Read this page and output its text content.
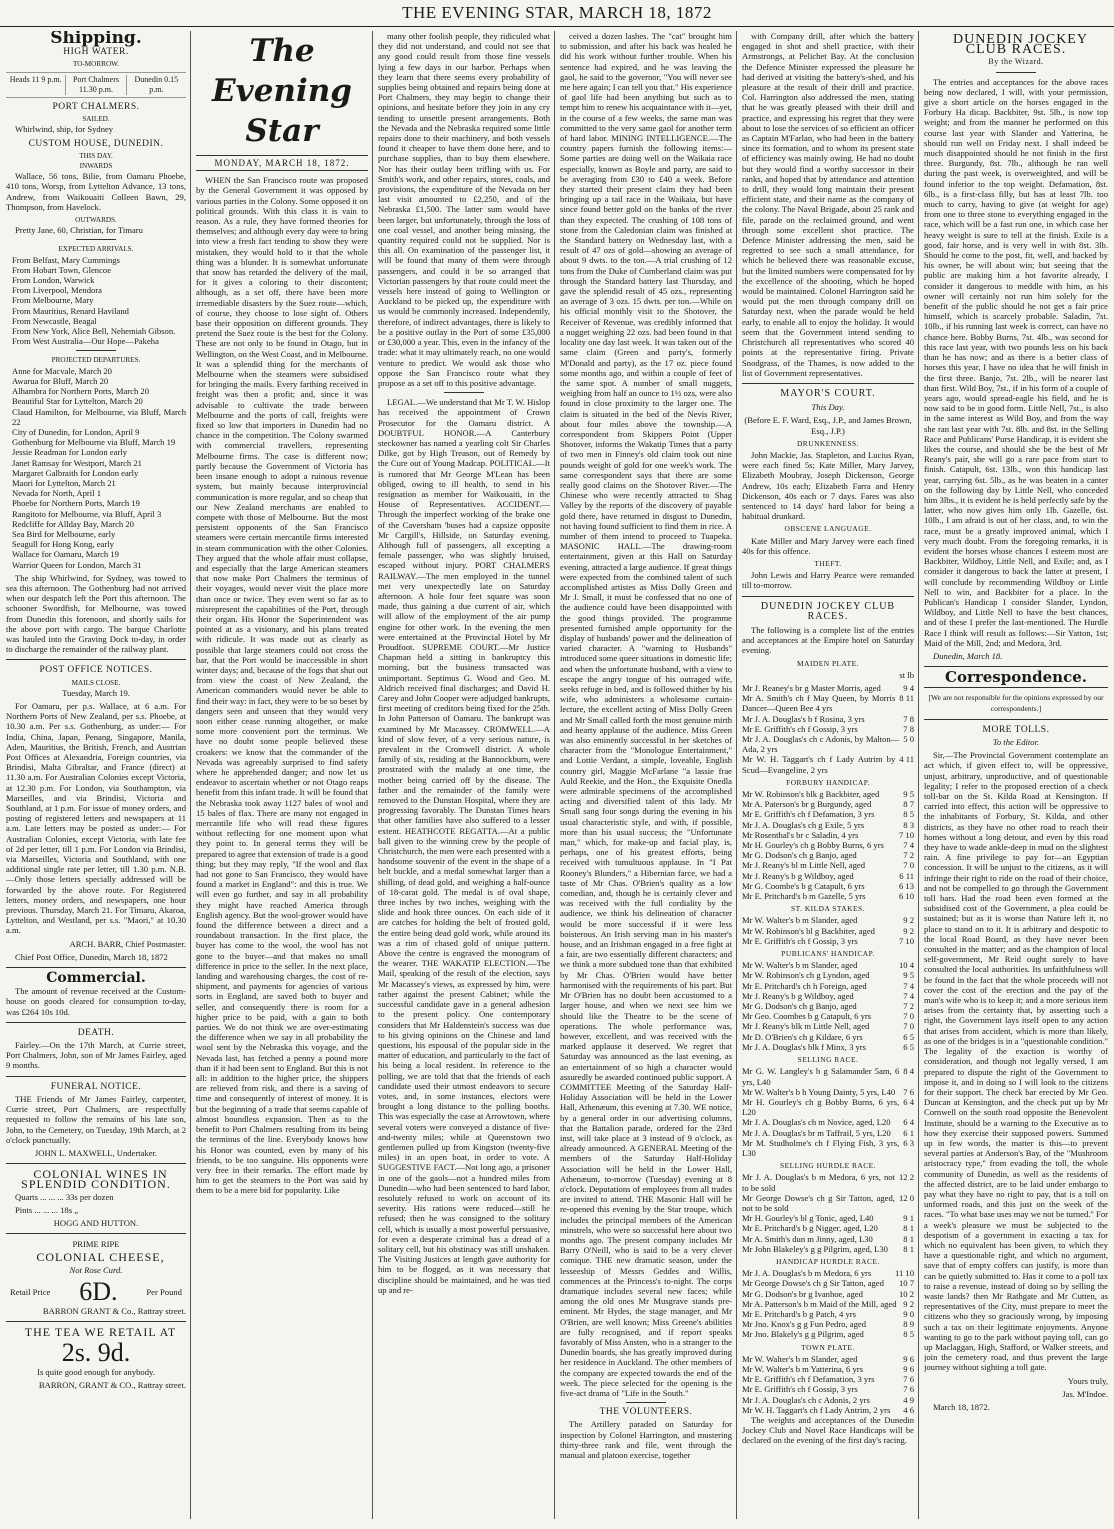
THE EVENING STAR, MARCH 18, 1872
Shipping.

HIGH WATER.

TO-MORROW.

Heads 11 9 p.m.	Port Chalmers 11.30 p.m.
Dunedin 0.15 p.m.

PORT CHALMERS.

SAILED.

Whirlwind, ship, for Sydney

CUSTOM HOUSE, DUNEDIN.

THIS DAY.

INWARDS

Wallace, 56 tons, Bilie, from Oamaru Phoebe, 410 tons, Worsp, from Lyttelton Advance, 13 tons, Andrew, from Waikouaiti Colleen Bawn, 29, Thompson, from Havelock.

OUTWARDS.

Pretty Jane, 60, Christian, for Timaru

EXPECTED ARRIVALS.

From Belfast, Mary Cummings

From Hobart Town, Glencoe

From London, Warwick

From Liverpool, Mendora

From Melbourne, Mary

From Mauritius, Renard Haviland

From Newcastle, Beagal

From New York, Alice Bell, Nehemiah Gibson.

From West Australia—Our Hope—Pakeha

PROJECTED DEPARTURES.

Anne for Macvale, March 20

Awarua for Bluff, March 20

Alhambra for Northern Ports, March 20

Beautiful Star for Lyttelton, March 20

Claud Hamilton, for Melbourne, via Bluff, March 22

City of Dunedin, for London, April 9

Gothenburg for Melbourne via Bluff, March 19

Jessie Readman for London early

Janet Ramsay for Westport, March 21

Margaret Galbraith for London early

Maori for Lyttelton, March 21

Nevada for North, April 1

Phoebe for Northern Ports, March 19

Rangitoto for Melbourne, via Bluff, April 3

Redcliffe for Allday Bay, March 20

Sea Bird for Melbourne, early

Seagull for Hong Kong, early

Wallace for Oamaru, March 19

Warrior Queen for London, March 31

The ship Whirlwind, for Sydney, was towed to sea this afternoon. The Gothenburg had not arrived when our despatch left the Port this afternoon. The schooner Swordfish, for Melbourne, was towed from Dunedin this forenoon, and shortly sails for the above port with cargo. The barque Charlotte was hauled into the Graving Dock to-day, in order to discharge the remainder of the railway plant.

POST OFFICE NOTICES.

MAILS CLOSE.

Tuesday, March 19.

For Oamaru, per p.s. Wallace, at 6 a.m. For Northern Ports of New Zealand, per s.s. Phoebe, at 10.30 a.m. Per s.s. Gothenburg, as under:— For India, China, Japan, Penang, Singapore, Manila, Aden, Mauritius, the British, French, and Austrian Post Offices at Alexandria, Foreign countries, via Brindisi, Malta Gibraltar, and France (direct) at 11.30 a.m. For Australian Colonies except Victoria, at 12.30 p.m. For London, via Southampton, via Marseilles, and via Brindisi, Victoria and Southland, at 1 p.m. For issue of money orders, and posting of registered letters and newspapers at 11 a.m. Late letters may be posted as under:— For Australian Colonies, except Victoria, with late fee of 2d per letter, till 1 p.m. For London via Brindisi, via Marseilles, Victoria and Southland, with one additional single rate per letter, till 1.30 p.m. N.B.—Only those letters specially addressed will be forwarded by the above route. For Registered letters, money orders, and newspapers, one hour previous. Thursday, March 21. For Timaru, Akaroa, Lyttelton, and Westland, per s.s. "Maori," at 10.30 a.m.

ARCH. BARR, Chief Postmaster.

Chief Post Office, Dunedin, March 18, 1872

Commercial.

The amount of revenue received at the Custom-house on goods cleared for consumption to-day, was £264 10s 10d.

DEATH.

Fairley.—On the 17th March, at Currie street, Port Chalmers, John, son of Mr James Fairley, aged 9 months.

FUNERAL NOTICE.

THE Friends of Mr James Fairley, carpenter, Currie street, Port Chalmers, are respectfully requested to follow the remains of his late son, John, to the Cemetery, on Tuesday, 19th March, at 2 o'clock punctually.

JOHN L. MAXWELL, Undertaker.

COLONIAL WINES IN SPLENDID CONDITION.

Quarts ... ... ... 33s per dozen

Pints ... ... ... 18s „

HOGG AND HUTTON.

PRIME RIPE

COLONIAL CHEESE,

Not Rose Curd.

Retail Price 6D.	Per Pound

BARRON GRANT & Co., Rattray street.

THE TEA WE RETAIL AT

2s. 9d.

Is quite good enough for anybody.

BARRON, GRANT & CO., Rattray street.

The Evening Star
MONDAY, MARCH 18, 1872.

WHEN the San Francisco route was proposed by the General Government it was opposed by various parties in the Colony. Some opposed it on political grounds. With this class it is vain to reason. As a rule, they have formed theories for themselves; and although every day were to bring into view a fresh fact tending to show they were mistaken, they would hold to it that the whole thing was a blunder. It is somewhat unfortunate that snow has retarded the delivery of the mail, for it gives a coloring to their discontent; although, as a set off, there have been more irremediable disasters by the Suez route—which, of course, they choose to lose sight of. Others base their opposition on different grounds. They pretend the Suez route is the best for the Colony. These are not only to be found in Otago, but in Wellington, on the West Coast, and in Melbourne. It was a splendid thing for the merchants of Melbourne when the steamers were subsidised for bringing the mails. Every farthing received in freight was then a profit; and, since it was advisable to cultivate the trade between Melbourne and the ports of call, freights were fixed so low that importers in Dunedin had no chance in the competition. The Colony swarmed with commercial travellers, representing Melbourne firms. The case is different now; partly because the Government of Victoria has been insane enough to adopt a ruinous revenue system, but mainly because interprovincial communication is more regular, and so cheap that our New Zealand merchants are enabled to compete with those of Melbourne. But the most persistent opponents of the San Francisco steamers were certain mercantile firms interested in steam communication with the other Colonies. They argued that the whole affair must collapse, and especially that the large American steamers that now make Port Chalmers the terminus of their voyages, would never visit the place more than once or twice. They even went so far as to misrepresent the capabilities of the Port, through their organ. His Honor the Superintendent was pointed at as a visionary, and his plans treated with ridicule. It was made out as clearly as possible that large steamers could not cross the bar, that the Port would be inaccessible in short winter days; and, because of the fogs that shut out from view the coast of New Zealand, the American commanders would never be able to find their way: in fact, they were to be so beset by dangers seen and unseen that they would very soon either cease running altogether, or make some more convenient port the terminus. We have no doubt some people believed these croakers: we know that the commander of the Nevada was agreeably surprised to find safety where he apprehended danger; and now let us endeavor to ascertain whether or not Otago reaps benefit from this infant trade. It will be found that the Nebraska took away 1127 bales of wool and 15 bales of flax. There are many not engaged in mercantile life who will read these figures without reflecting for one moment upon what they point to. In general terms they will be prepared to agree that extension of trade is a good thing; but they may reply, "If the wool and flax had not gone to San Francisco, they would have found a market in England": and this is true. We will even go further, and say in all probability they might have reached America through English agency. But the wool-grower would have found the difference between a direct and a roundabout transaction. In the first place, the buyer has come to the wool, the wool has not gone to the buyer—and that makes no small difference in price to the seller. In the next place, landing and warehousing charges, the cost of re-shipment, and payments for agencies of various sorts in England, are saved both to buyer and seller, and consequently there is room for a higher price to be paid, with a gain to both parties. We do not think we are over-estimating the difference when we say in all probability the wool sent by the Nebraska this voyage, and the Nevada last, has fetched a penny a pound more than if it had been sent to England. But this is not all: in addition to the higher price, the shippers are relieved from risk, and there is a saving of time and consequently of interest of money. It is but the beginning of a trade that seems capable of almost boundless expansion. Then as to the benefit to Port Chalmers resulting from its being the terminus of the line. Everybody knows how his Honor was counted, even by many of his friends, to be too sanguine. His opponents were very free in their remarks. The effort made by him to get the steamers to the Port was said by them to be a mere bid for popularity. Like

many other foolish people, they ridiculed what they did not understand, and could not see that any good could result from those fine vessels lying a few days in our harbor. Perhaps when they learn that there seems every probability of supplies being obtained and repairs being done at Port Chalmers, they may begin to change their opinions, and hesitate before they join in any cry tending to unsettle present arrangements. Both the Nevada and the Nebraska required some little repairs done to their machinery, and both vessels found it cheaper to have them done here, and to purchase supplies, than to buy them elsewhere. Nor has their outlay been trifling with us. For Smith's work, and other repairs, stores, coals, and provisions, the expenditure of the Nevada on her last visit amounted to £2,250, and of the Nebraska £1,500. The latter sum would have been larger, but unfortunately, through the loss of one coal vessel, and another being missing, the quantity required could not be supplied. Nor is this all. On examination of the passenger list, it will be found that many of them were through passengers, and could it be so arranged that Victorian passengers by that route could meet the vessels here instead of going to Wellington or Auckland to be picked up, the expenditure with us would be commonly increased. Independently, therefore, of indirect advantages, there is likely to be a positive outlay in the Port of some £35,000 or £30,000 a year. This, even in the infancy of the trade: what it may ultimately reach, no one would venture to predict. We would ask those who oppose the San Francisco route what they propose as a set off to this positive advantage.

LEGAL.—We understand that Mr T. W. Hislop has received the appointment of Crown Prosecutor for the Oamaru district. A DOUBTFUL HONOR.—A Canterbury steckowner has named a yearling colt Sir Charles Dilke, got by High Treason, out of Remedy by the Cure out of Young Madcap. POLITICAL.—It is rumored that Mr George M'Lean has been obliged, owing to ill health, to send in his resignation as member for Waikouaiti, in the House of Representatives. ACCIDENT.—Through the imperfect working of the brake one of the Caversham 'buses had a capsize opposite Mr Cargill's, Hillside, on Saturday evening. Although full of passengers, all excepting a female passenger, who was slightly bruised, escaped without injury. PORT CHALMERS RAILWAY.—The men employed in the tunnel met very unexpectedly late on Saturday afternoon. A hole four feet square was soon made, thus gaining a due current of air, which will allow of the employment of the air pump engine for other work. In the evening the men were entertained at the Provincial Hotel by Mr Proudfoot. SUPREME COURT.—Mr Justice Chapman held a sitting in bankruptcy this morning, but the business transacted was unimportant. Septimus G. Wood and Geo. M. Aldrich received final discharges; and David H. Carey and John Cooper were adjudged bankrupts, first meeting of creditors being fixed for the 25th. In John Patterson of Oamaru. The bankrupt was examined by Mr Macassey. CROMWELL.—A kind of slow fever, of a very serious nature, is prevalent in the Cromwell district. A whole family of six, residing at the Bannockburn, were prostrated with the malady at one time, the mother being carried off by the disease. The father and the remainder of the family were removed to the Dunstan Hospital, where they are progressing favorably. The Dunstan Times hears that other families have also suffered to a lesser extent. HEATHCOTE REGATTA.—At a public ball given to the winning crew by the people of Christchurch, the men were each presented with a handsome souvenir of the event in the shape of a belt buckle, and a medal somewhat larger than a shilling, of dead gold, and weighing a half-ounce of 18-carat gold. The medal is of oval shape, three inches by two inches, weighing with the slide and hook three ounces. On each side of it are catches for holding the belt of frosted gold, the entire being dead gold work, while around its was a rim of chased gold of unique pattern. Above the centre is engraved the monogram of the wearer. THE WAKATIP ELECTION.—The Mail, speaking of the result of the election, says Mr Macassey's views, as expressed by him, were rather against the present Cabinet; while the successful candidate gave in a general adhesion to the present policy. One contemporary considers that Mr Haldenstein's success was due to his giving opinions on the Chinese and land questions, his espousal of the popular side in the matter of education, and particularly to the fact of his being a local resident. In reference to the polling, we are told that that the friends of each candidate used their utmost endeavors to secure votes, and, in some instances, electors were brought a long distance to the polling booths. This was especially the case at Arrowtown, where several voters were conveyed a distance of five-and-twenty miles; while at Queenstown two gentlemen pulled up from Kingston (twenty-five miles) in an open boat, in order to vote. A SUGGESTIVE FACT.—Not long ago, a prisoner in one of the gaols—not a hundred miles from Dunedin—who had been sentenced to hard labor, resolutely refused to work on account of its severity. His rations were reduced—still he refused; then he was consigned to the solitary cell, which is usually a most powerful persuasive, for even a desperate criminal has a dread of a solitary cell, but his obstinacy was still unshaken. The Visiting Justices at length gave authority for him to be flogged, as it was necessary that discipline should be maintained, and he was tied up and re-

ceived a dozen lashes. The "cat" brought him to submission, and after his back was healed he did his work without further trouble. When his sentence had expired, and he was leaving the gaol, he said to the governor, "You will never see me here again; I can tell you that." His experience of gaol life had been anything but such as to tempt him to renew his acquaintance with it—yet, in the course of a few weeks, the same man was committed to the very same gaol for another term of hard labor. MINING INTELLIGENCE.—The country papers furnish the following items:—Some parties are doing well on the Waikaia race especially, known as Boyle and party, are said to be averaging from £30 to £40 a week. Before they started their present claim they had been bringing up a tail race in the Waikaia, but have since found better gold on the banks of the river than they expected. The crushing of 108 tons of stone from the Caledonian claim was finished at the Standard battery on Wednesday last, with a result of 47 ozs of gold—showing an average of about 9 dwts. to the ton.—A trial crushing of 12 tons from the Duke of Cumberland claim was put through the Standard battery last Thursday, and gave the splendid result of 45 ozs., representing an average of 3 ozs. 15 dwts. per ton.—While on his official monthly visit to the Shotover, the Receiver of Revenue, was credibly informed that a nugget weighing 22 ozs. had been found in that locality one day last week. It was taken out of the same claim (Green and party's, formerly M'Donald and party), as the 17 oz. piece found some months ago, and within a couple of feet of the same spot. A number of small nuggets, weighing from half an ounce to 1½ ozs, were also found in close proximity to the larger one. The claim is situated in the bed of the Nevis River, about four miles above the township.—A correspondent from Skippers Point (Upper Shotover, informs the Wakatip Times that a party of two men in Finney's old claim took out nine pounds weight of gold for one week's work. The same correspondent says that there are some really good claims on the Shotover River.—The Chinese who were recently attracted to Shag Valley by the reports of the discovery of payable gold there, have returned in disgust to Dunedin, not having found sufficient to find them in rice. A number of them intend to proceed to Tuapeka. MASONIC HALL.—The drawing-room entertainment, given at this Hall on Saturday evening, attracted a large audience. If great things were expected from the combined talent of such accomplished artistes as Miss Dolly Green and Mr J. Small, it must be confessed that no one of the audience could have been disappointed with the good things provided. The programme presented furnished ample opportunity for the display of husbands' power and the delineation of varied character. A "warning to Husbands" introduced some queer situations in domestic life; and when the unfortunate husband, with a view to escape the angry tongue of his outraged wife, seeks refuge in bed, and is followed thither by his wife, who administers a wholesome curtain-lecture, the excellent acting of Miss Dolly Green and Mr Small called forth the most genuine mirth and hearty applause of the audience. Miss Green was also eminently successful in her sketches of character from the "Monologue Entertainment," and Lottie Verdant, a simple, loveable, English country girl, Maggie McFarlane "a lassie frae Auld Reekie, and the Hon., the Exquisite Onedla were admirable specimens of the accomplished acting and diversified talent of this lady. Mr Small sang four songs during the evening in his usual characteristic style, and with, if possible, more than his usual success; the "Unfortunate man," which, for make-up and facial play, is, perhaps, one of his greatest efforts, being received with tumultuous applause. In "I Pat Rooney's Blunders," a Hibernian farce, we had a taste of Mr Chas. O'Brien's quality as a low comedian, and, though he is certainly clever and was received with the full cordiality by the audience, we think his delineation of character would be more successful if it were less boisterous. An Irish serving man in his master's house, and an Irishman engaged in a free fight at a fair, are two essentially different characters; and we think a more subdued tone than that exhibited by Mr Chas. O'Brien would have better harmonised with the requirements of his part. But Mr O'Brien has no doubt been accustomed to a larger house, and when we next see him we should like the Theatre to be the scene of operations. The whole performance was, however, excellent, and was received with the marked applause it deserved. We regret that Saturday was announced as the last evening, as an entertainment of so high a character would assuredly be awarded continued public support. A COMMITTEE Meeting of the Saturday Half-Holiday Association will be held in the Lower Hall, Athenæum, this evening at 7.30. WE notice, by a general order in our advertising columns, that the Battalion parade, ordered for the 23rd inst, will take place at 3 instead of 9 o'clock, as already announced. A GENERAL Meeting of the members of the Saturday Half-Holiday Association will be held in the Lower Hall, Athenæum, to-morrow (Tuesday) evening at 8 o'clock. Deputations of employees from all trades are invited to attend. THE Masonic Hall will be re-opened this evening by the Star troupe, which includes the principal members of the American minstrels, who were so successful here about two months ago. The present company includes Mr Barry O'Neill, who is said to be a very clever comique. THE new dramatic season, under the lesseeship of Messrs Geddes and Willis, commences at the Princess's to-night. The corps dramatique includes several new faces; while among the old ones Mr Musgrave stands pre-eminent. Mr Hydes, the stage manager, and Mr O'Brien, are well known; Miss Greene's abilities are fully recognised, and if report speaks favorably of Miss Ansten, who is a stranger to the Dunedin boards, she has greatly improved during her residence in Auckland. The other members of the company are expected towards the end of the week. The piece selected for the opening is the five-act drama of "Life in the South."

THE VOLUNTEERS.

The Artillery paraded on Saturday for inspection by Colonel Harrington, and mustering thirty-three rank and file, went through the manual and platoon exercise, together

with Company drill, after which the battery engaged in shot and shell practice, with their Armstrongs, at Pelichet Bay. At the conclusion the Defence Minister expressed the pleasure he had derived at visiting the battery's-shed, and his pleasure at the result of their drill and practice. Col. Harrington also addressed the men, stating that he was greatly pleased with their drill and practice, and expressing his regret that they were about to lose the services of so efficient an officer as Captain M'Farlan, who had been in the battery since its formation, and to whom its present state of efficiency was mainly owing. He had no doubt but they would find a worthy successor in their ranks, and hoped that by attendance and attention to drill, they would long maintain their present efficient state, and their name as the company of the colony. The Naval Brigade, about 25 rank and file, parade on the reclaimed ground, and went through some excellent shot practice. The Defence Minister addressing the men, said he regretted to see such a small attendance, for which he believed there was reasonable excuse, but the limited numbers were compensated for by the excellence of the shooting, which he hoped would be maintained. Colonel Harrington said he would put the men through company drill on Saturday next, when the parade would be held early, to enable all to enjoy the holiday. It would seem that the Government intend sending to Christchurch all representatives who scored 40 points at the representative firing. Private Snodgrass, of the Thames, is now added to the list of Government representatives.

MAYOR'S COURT.

This Day.

(Before E. F. Ward, Esq., J.P., and James Brown, Esq., J.P.)

DRUNKENNESS.

John Mackie, Jas. Stapleton, and Lucius Ryan, were each fined 5s; Kate Miller, Mary Jarvey, Elizabeth Moubray, Joseph Dickenson, George Andrew, 10s each; Elizabeth Farra and Henry Dickenson, 40s each or 7 days. Fares was also sentenced to 14 days' hard labor for being a habitual drunkard.

OBSCENE LANGUAGE.

Kate Miller and Mary Jarvey were each fined 40s for this offence.

THEFT.

John Lewis and Harry Pearce were remanded till to-morrow.

DUNEDIN JOCKEY CLUB RACES.

The following is a complete list of the entries and acceptances at the Empire hotel on Saturday evening.

MAIDEN PLATE.

st lb

Mr J. Reaney's br g Master Morris, aged	9 4

Mr A. Smith's ch f May Queen, by Morris Dancer—Queen Bee 4 yrs
8 11

Mr J. A. Douglas's b f Rosina, 3 yrs	7 8

Mr E. Griffith's ch f Gossip, 3 yrs	7 8

Mr J. A. Douglas's ch c Adonis, by Malton—Ada, 2 yrs
5 0

Mr W. H. Taggart's ch f Lady Autrim by Scud—Evangeline, 2 yrs
4 11

FORBURY HANDICAP.

Mr W. Robinson's blk g Backbiter, aged	9 5

Mr A. Paterson's br g Burgundy, aged	8 7

Mr E. Griffith's ch f Defamation, 3 yrs	8 5

Mr J. A. Douglas's ch g Exile, 5 yrs	8 3

Mr Rosenthal's br c Saladin, 4 yrs	7 10

Mr H. Gourley's ch g Bobby Burns, 6 yrs	7 4

Mr G. Dodson's ch g Banjo, aged	7 2

Mr J. Reany's bl m Little Nell, aged	7 0

Mr J. Reany's b g Wildboy, aged	6 11

Mr G. Coombe's b g Catapult, 6 yrs	6 13

Mr E. Pritchard's b m Gazelle, 5 yrs	6 10

ST. KILDA STAKES.

Mr W. Walter's b m Slander, aged	9 2

Mr W. Robinson's bl g Backbiter, aged	9 2

Mr E. Griffith's ch f Gossip, 3 yrs	7 10

PUBLICANS' HANDICAP.

Mr W. Walter's b m Slander, aged	10 4

Mr W. Robinson's ch g Lyndon, aged	9 5

Mr E. Pritchard's ch h Foreign, aged	7 4

Mr J. Reany's b g Wildboy, aged	7 4

Mr G. Dodson's ch g Banjo, aged	7 2

Mr Geo. Coombes b g Catapult, 6 yrs	7 0

Mr J. Reany's blk m Little Nell, aged	7 0

Mr D. O'Brien's ch g Kildare, 6 yrs	6 5

Mr J. A. Douglas's blk f Minx, 3 yrs	6 5

SELLING RACE.

Mr G. W. Langley's b g Salamander 5am, 6 yrs, L40
8 4

Mr W. Walter's b h Young Dainty, 5 yrs, L40 7 6

Mr H. Gourley's ch g Bobby Burns, 6 yrs, L20
6 4

Mr J. A. Douglas's ch m Novice, aged, L20	6 4

Mr J. A. Douglas's br m Taffrail, 5 yrs, L20	6 1

Mr M. Studholme's ch f Flying Fish, 3 yrs, L30
6 3

SELLING HURDLE RACE.

Mr J. A. Douglas's b m Medora, 6 yrs, not to be sold
12 2

Mr George Dowse's ch g Sir Tatton, aged, not to be sold
12 0

Mr H. Gourley's bl g Tonic, aged, L40	9 1

Mr E. Pritchard's b g Nigger, aged, L20	8 1

Mr A. Smith's dun m Jinny, aged, L30	8 1

Mr John Blakeley's g g Pilgrim, aged, L30	8 1

HANDICAP HURDLE RACE.

Mr J. A. Douglas's b m Medora, 6 yrs	11 10

Mr George Dowse's ch g Sir Tatton, aged	10 7

Mr G. Dodson's br g Ivanhoe, aged	10 2

Mr A. Patterson's b m Maid of the Mill, aged 9 2

Mr E. Pritchard's b g Patch, 4 yrs	9 0

Mr Jno. Knox's g g Fun Pedro, aged	8 9

Mr Jno. Blakely's g g Pilgrim, aged	8 5

TOWN PLATE.

Mr W. Walter's b m Slander, aged	9 6

Mr W. Walter's b m Yatterina, 6 yrs	9 6

Mr E. Griffith's ch f Defamation, 3 yrs	7 6

Mr E. Griffith's ch f Gossip, 3 yrs	7 6

Mr J. A. Douglas's ch c Adonis, 2 yrs	4 9

Mr W. H. Taggart's ch f Lady Antrim, 2 yrs	4 6

The weights and acceptances of the Dunedin Jockey Club and Novel Race Handicaps will be declared on the evening of the first day's racing.

DUNEDIN JOCKEY CLUB RACES.

By the Wizard.

The entries and acceptances for the above races being now declared, I will, with your permission, give a short article on the horses engaged in the Forbury Ha dicap. Backbiter, 9st. 5lb., is now top weight; and from the manner he performed on this course last year with Slander and Yatterina, he should run well on Friday next. I shall indeed be much disappointed should he not finish in the first three. Burgundy, 8st. 7lb., although he ran well during the past week, is overweighted, and will be found inferior to the top weight. Defamation, 8st. 6lb., is a first-class filly, but has at least 7lb. too much to carry, having to give (at weight for age) from one to three stone to everything engaged in the race, which will be a fast run one, in which case her heavy weight is sure to tell at the finish. Exile is a good, fair horse, and is very well in with 8st. 3lb. Should he come to the post, fit, well, and backed by his owner, he will about win; but seeing that the public are making him a hot favorite already, I consider it dangerous to meddle with him, as his owner will certainly not run him solely for the benefit of the public should he not get a fair price himself, which is scarcely probable. Saladin, 7st. 10lb., if his running last week is correct, can have no chance here. Bobby Burns, 7st. 4lb., was second for this race last year, with two pounds less on his back than he has now; and as there is a better class of horses this year, I have no idea that he will finish in the first three. Banjo, 7st. 2lb., will be nearer last than first. Wild Boy, 7st., if in his form of a couple of years ago, would spread-eagle his field, and he is now said to be in good form. Little Nell, 7st., is also in the same interest as Wild Boy, and from the way she ran last year with 7st. 8lb. and 8st. in the Selling Race and Publicans' Purse Handicap, it is evident she likes the course, and should she be the best of Mr Reany's pair, she will go a rare pace from start to finish. Catapult, 6st. 13lb., won this handicap last year, carrying 6st. 5lb., as he was beaten in a canter on the following day by Little Nell, who conceded him 3lbs., it is evident he is held perfectly safe by the latter, who now gives him only 1lb. Gazelle, 6st. 10lb., I am afraid is out of her class, and, to win the race, must be a greatly improved animal, which I very much doubt. From the foregoing remarks, it is evident the horses whose chances I esteem most are Backbiter, Wildboy, Little Nell, and Exile; and, as I consider it dangerous to back the latter at present, I will conclude by recommending Wildboy or Little Nell to win, and Backbiter for a place. In the Publican's Handicap I consider Slander, Lyndon, Wildboy, and Little Nell to have the best chances, and of these I prefer the last-mentioned. The Hurdle Race I think will result as follows:—Sir Yatton, 1st; Maid of the Mill, 2nd; and Medora, 3rd.

Dunedin, March 18.

Correspondence.

[We are not responsible for the opinions expressed by our correspondents.]

MORE TOLLS.

To the Editor.

Sir,—The Provincial Government contemplate an act which, if given effect to, will be oppressive, unjust, arbitrary, unproductive, and of questionable legality; I refer to the proposed erection of a check toll-bar on the St. Kilda Road at Kensington. If carried into effect, this action will be oppressive to the inhabitants of Forbury, St. Kilda, and other districts, as they have no other road to reach their homes without a long detour, and even by this road they have to wade ankle-deep in mud on the slightest rain. A fine privilege to pay for—an Egyptian concession. It will be unjust to the citizens, as it will infringe their right to ride on the road of their choice, and not be compelled to go through the Government toll bars. Had the road been even formed at the subsidised cost of the Government, a plea could be sustained; but as it is worse than Nature left it, no place to stand on to it. It is arbitrary and despotic to the local Road Board, as they have never been consulted in the matter; and as the champion of local self-government, Mr Reid ought surely to have consulted the local authorities. Its unfaithfulness will be found in the fact that the whole proceeds will not cover the cost of the erection and the pay of the man's wife who is to keep it; and a more serious item arises from the certainty that, by asserting such a right, the Government lays itself open to any action that arises from accident, which is more than likely, as one of the bridges is in a "questionable condition." The legality of the exaction is worthy of consideration, and though not legally versed, I am prepared to dispute the right of the Government to impose it, and in doing so I will look to the citizens for their support. The check bar erected by Mr Geo. Duncan at Kensington, and the check put up by Mr Cornwell on the south road opposite the Benevolent Institute, should be a warning to the Executive as to how they exercise their supposed powers. Summed up in few words, the matter is this—to prevent several parties at Anderson's Bay, of the "Mushroom aristocracy type," from evading the toll, the whole community of Dunedin, as well as the residents of the affected district, are to be laid under embargo to pay what they have no right to pay, that is a toll on unformed roads, and this just on the week of the races. "To what base uses may we not be turned." For a week's pleasure we must be subjected to the despotism of a government in exacting a tax for which no equivalent has been given, to which they have a questionable right, and which no argument, save that of empty coffers can justify, is more than can be quietly submitted to. Has it come to a poll tax to raise a revenue, instead of doing so by selling the waste lands? then Mr Rathgate and Mr Cutten, as representatives of the City, must prepare to meet the citizens who they so graciously wrong, by imposing such a tax on their legitimate enjoyments. Anyone wanting to go to the park without paying toll, can go up Maclaggan, High, Stafford, or Walker streets, and join the cemetery road, and thus prevent the large journey without sighting a toll gate.

Yours truly,

Jas. M'Indoe.

March 18, 1872.
